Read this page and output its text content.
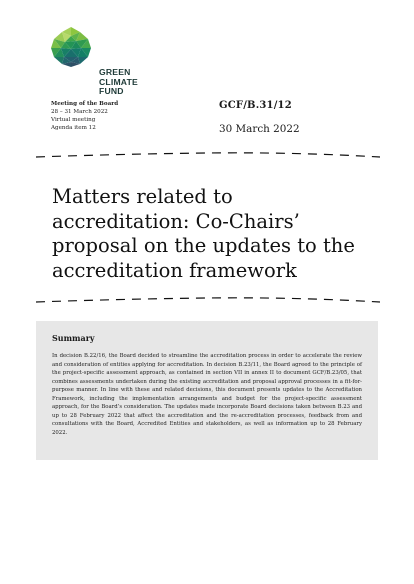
GREEN
CLIMATE
FUND
Meeting of the Board
28 – 31 March 2022
Virtual meeting
Agenda item 12
GCF/B.31/12
30 March 2022
Matters related to accreditation: Co-Chairs’ proposal on the updates to the accreditation framework
Summary
In decision B.22/16, the Board decided to streamline the accreditation process in order to accelerate the review and consideration of entities applying for accreditation. In decision B.23/11, the Board agreed to the principle of the project-specific assessment approach, as contained in section VII in annex II to document GCF/B.23/05, that combines assessments undertaken during the existing accreditation and proposal approval processes in a fit-for-purpose manner. In line with these and related decisions, this document presents updates to the Accreditation Framework, including the implementation arrangements and budget for the project-specific assessment approach, for the Board’s consideration. The updates made incorporate Board decisions taken between B.23 and up to 28 February 2022 that affect the accreditation and the re-accreditation processes, feedback from and consultations with the Board, Accredited Entities and stakeholders, as well as information up to 28 February 2022.
